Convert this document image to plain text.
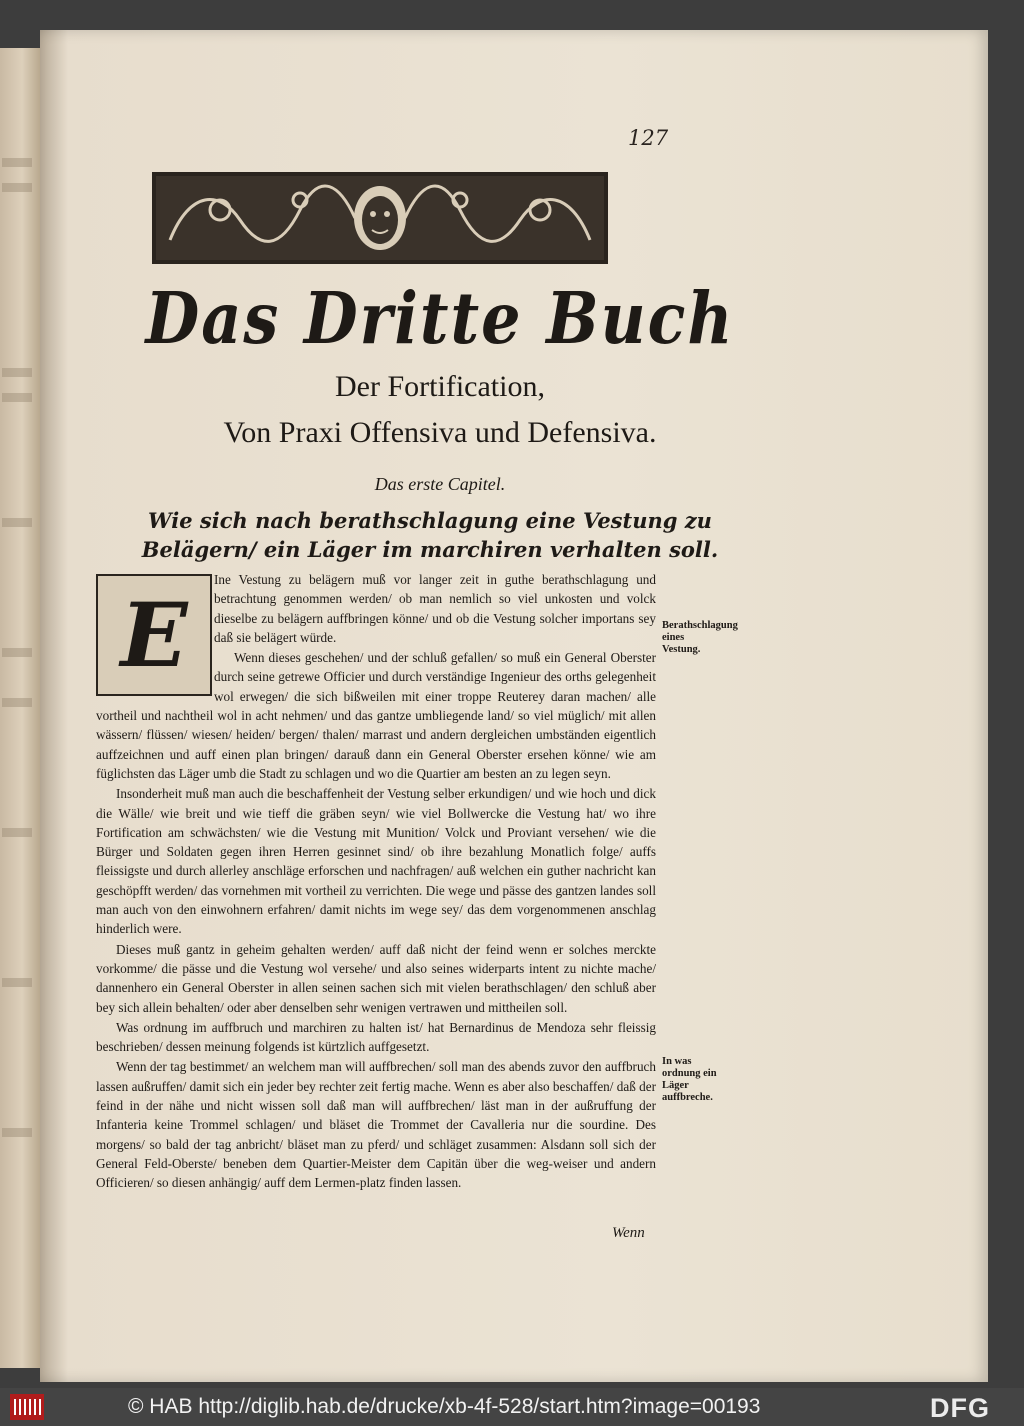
127
Das Dritte Buch
Der Fortification,
Von Praxi Offensiva und Defensiva.
Das erste Capitel.
Wie sich nach berathschlagung eine Vestung zu Belägern/ ein Läger im marchiren verhalten soll.
E

Ine Vestung zu belägern muß vor langer zeit in guthe berathschlagung und betrachtung genommen werden/ ob man nemlich so viel unkosten und volck dieselbe zu belägern auffbringen könne/ und ob die Vestung solcher importans sey daß sie belägert würde.

Wenn dieses geschehen/ und der schluß gefallen/ so muß ein General Oberster durch seine getrewe Officier und durch verständige Ingenieur des orths gelegenheit wol erwegen/ die sich bißweilen mit einer troppe Reuterey daran machen/ alle vortheil und nachtheil wol in acht nehmen/ und das gantze umbliegende land/ so viel müglich/ mit allen wässern/ flüssen/ wiesen/ heiden/ bergen/ thalen/ marrast und andern dergleichen umbständen eigentlich auffzeichnen und auff einen plan bringen/ darauß dann ein General Oberster ersehen könne/ wie am füglichsten das Läger umb die Stadt zu schlagen und wo die Quartier am besten an zu legen seyn.

Insonderheit muß man auch die beschaffenheit der Vestung selber erkundigen/ und wie hoch und dick die Wälle/ wie breit und wie tieff die gräben seyn/ wie viel Bollwercke die Vestung hat/ wo ihre Fortification am schwächsten/ wie die Vestung mit Munition/ Volck und Proviant versehen/ wie die Bürger und Soldaten gegen ihren Herren gesinnet sind/ ob ihre bezahlung Monatlich folge/ auffs fleissigste und durch allerley anschläge erforschen und nachfragen/ auß welchen ein guther nachricht kan geschöpfft werden/ das vornehmen mit vortheil zu verrichten. Die wege und pässe des gantzen landes soll man auch von den einwohnern erfahren/ damit nichts im wege sey/ das dem vorgenommenen anschlag hinderlich were.

Dieses muß gantz in geheim gehalten werden/ auff daß nicht der feind wenn er solches merckte vorkomme/ die pässe und die Vestung wol versehe/ und also seines widerparts intent zu nichte mache/ dannenhero ein General Oberster in allen seinen sachen sich mit vielen berathschlagen/ den schluß aber bey sich allein behalten/ oder aber denselben sehr wenigen vertrawen und mittheilen soll.

Was ordnung im auffbruch und marchiren zu halten ist/ hat Bernardinus de Mendoza sehr fleissig beschrieben/ dessen meinung folgends ist kürtzlich auffgesetzt.

Wenn der tag bestimmet/ an welchem man will auffbrechen/ soll man des abends zuvor den auffbruch lassen außruffen/ damit sich ein jeder bey rechter zeit fertig mache. Wenn es aber also beschaffen/ daß der feind in der nähe und nicht wissen soll daß man will auffbrechen/ läst man in der außruffung der Infanteria keine Trommel schlagen/ und bläset die Trommet der Cavalleria nur die sourdine. Des morgens/ so bald der tag anbricht/ bläset man zu pferd/ und schläget zusammen: Alsdann soll sich der General Feld-Oberste/ beneben dem Quartier-Meister dem Capitän über die weg-weiser und andern Officieren/ so diesen anhängig/ auff dem Lermen-platz finden lassen.

Berathschlagung eines Vestung.
In was ordnung ein Läger auffbreche.
Wenn
© HAB http://diglib.hab.de/drucke/xb-4f-528/start.htm?image=00193	DFG
